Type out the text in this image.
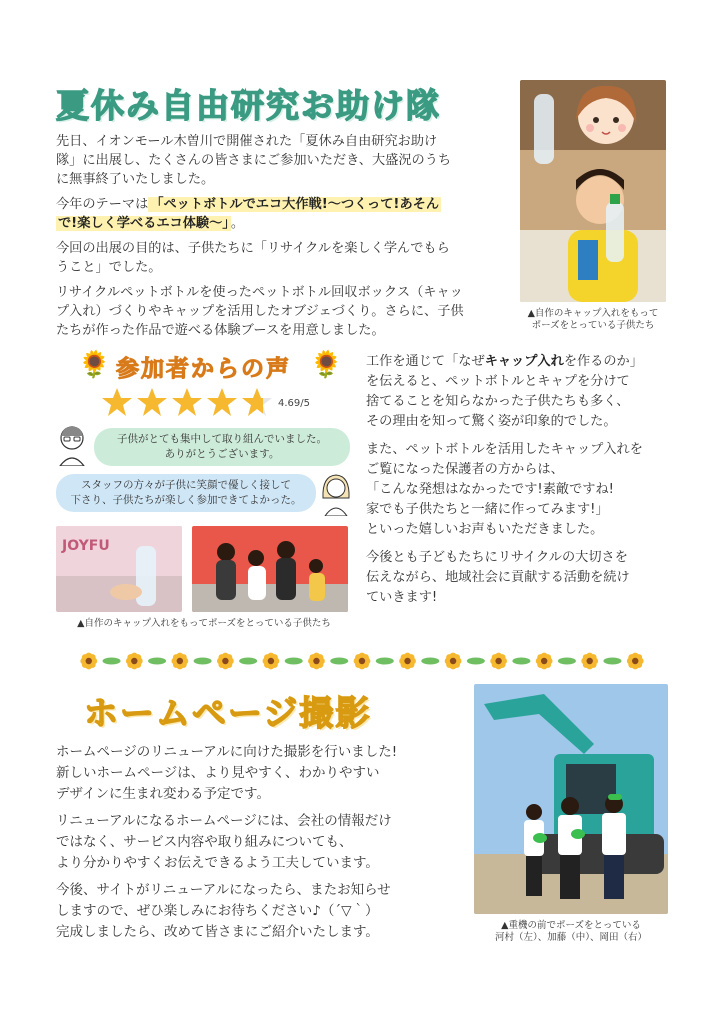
夏休み自由研究お助け隊
先日、イオンモール木曽川で開催された「夏休み自由研究お助け
隊」に出展し、たくさんの皆さまにご参加いただき、大盛況のうち
に無事終了いたしました。
今年のテーマは 「ペットボトルでエコ大作戦!〜つくって!あそん
で!楽しく学べるエコ体験〜」 。
今回の出展の目的は、子供たちに「リサイクルを楽しく学んでもら
うこと」でした。
リサイクルペットボトルを使ったペットボトル回収ボックス（キャッ
プ入れ）づくりやキャップを活用したオブジェづくり。さらに、子供
たちが作った作品で遊べる体験ブースを用意しました。
▲自作のキャップ入れをもって
ポーズをとっている子供たち
🌻 参加者からの声 🌻
4.69/5
子供がとても集中して取り組んでいました。
ありがとうございます。
スタッフの方々が子供に笑顔で優しく接して
下さり、子供たちが楽しく参加できてよかった。
JOYFU
▲自作のキャップ入れをもってポーズをとっている子供たち
工作を通じて「なぜキャップ入れを作るのか」
を伝えると、ペットボトルとキャプを分けて
捨てることを知らなかった子供たちも多く、
その理由を知って驚く姿が印象的でした。
また、ペットボトルを活用したキャップ入れを
ご覧になった保護者の方からは、
「こんな発想はなかったです!素敵ですね!
家でも子供たちと一緒に作ってみます!」
といった嬉しいお声もいただきました。
今後とも子どもたちにリサイクルの大切さを
伝えながら、地域社会に貢献する活動を続け
ていきます!
ホームページ撮影
ホームページのリニューアルに向けた撮影を行いました!
新しいホームページは、より見やすく、わかりやすい
デザインに生まれ変わる予定です。
リニューアルになるホームページには、会社の情報だけ
ではなく、サービス内容や取り組みについても、
より分かりやすくお伝えできるよう工夫しています。
今後、サイトがリニューアルになったら、またお知らせ
しますので、ぜひ楽しみにお待ちください♪（´▽｀）
完成しましたら、改めて皆さまにご紹介いたします。	▲重機の前でポーズをとっている
河村（左）、加藤（中）、岡田（右）
